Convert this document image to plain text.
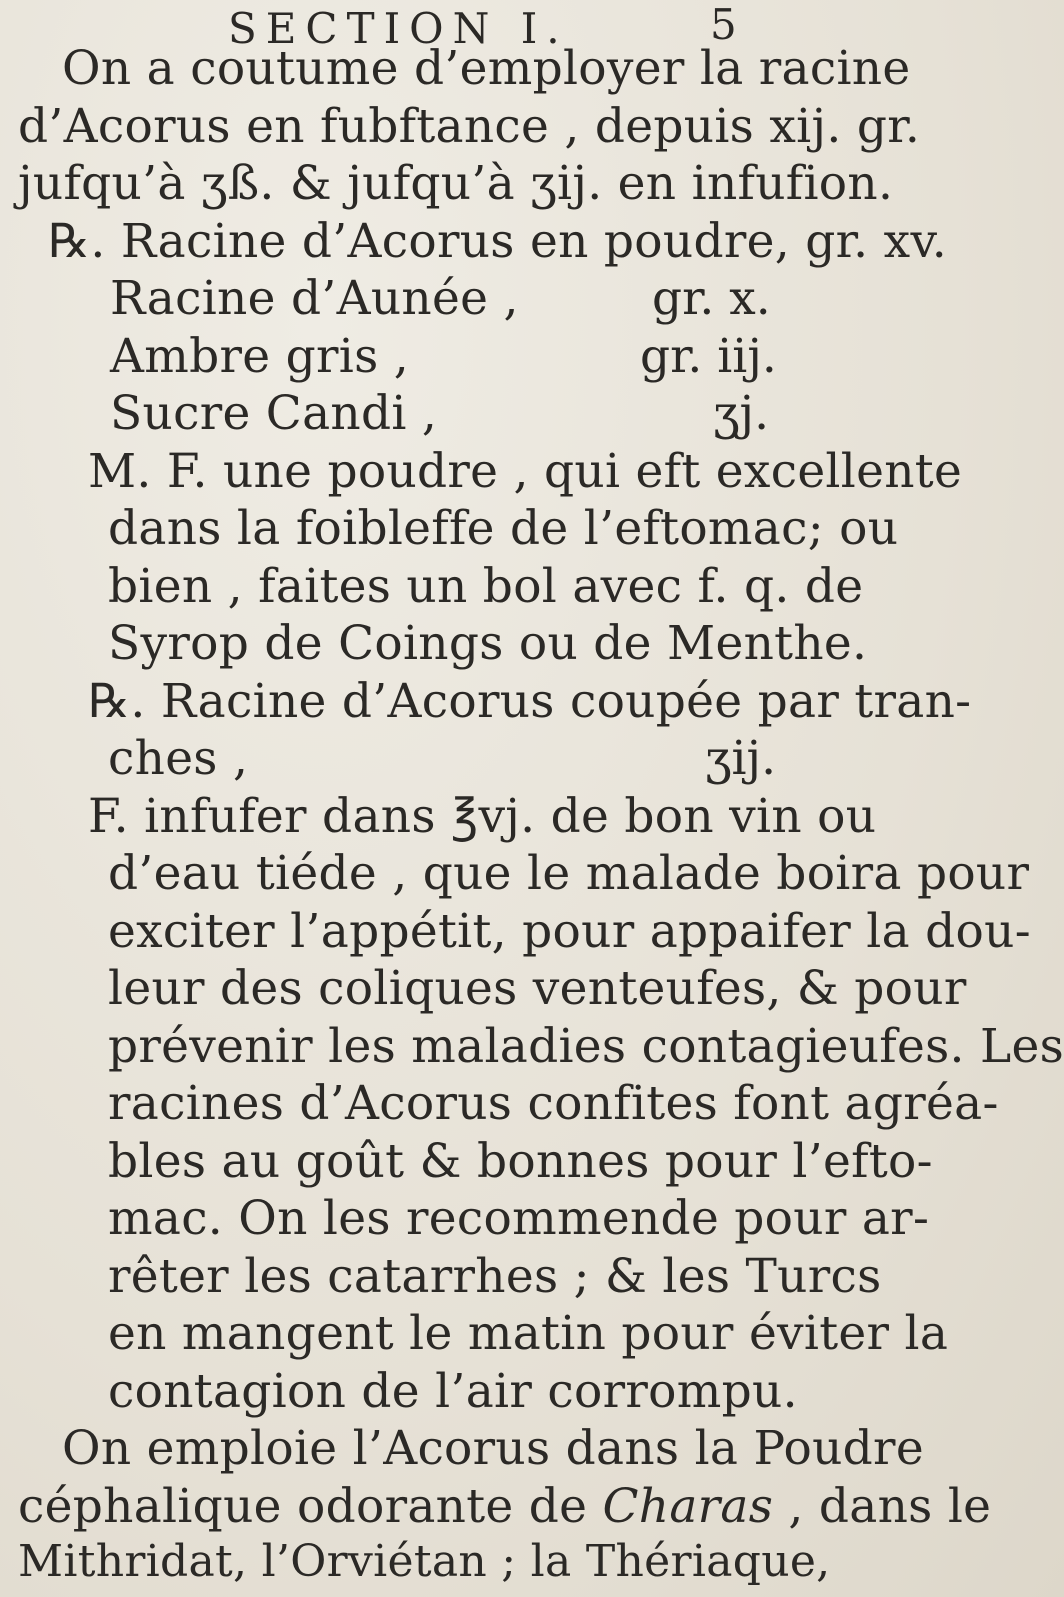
SECTION I.	5
On a coutume d’employer la racine
d’Acorus en fubftance , depuis xij. gr.
jufqu’à ʒß. & jufqu’à ʒij. en infufion.
℞. Racine d’Acorus en poudre, gr. xv.
Racine d’Aunée ,	gr. x.
Ambre gris ,	gr. iij.
Sucre Candi ,	ʒj.
M. F. une poudre , qui eft excellente
dans la foibleffe de l’eftomac; ou
bien , faites un bol avec f. q. de
Syrop de Coings ou de Menthe.
℞. Racine d’Acorus coupée par tran-
ches ,	ʒij.
F. infufer dans ℥vj. de bon vin ou
d’eau tiéde , que le malade boira pour
exciter l’appétit, pour appaifer la dou-
leur des coliques venteufes, & pour
prévenir les maladies contagieufes. Les
racines d’Acorus confites font agréa-
bles au goût & bonnes pour l’efto-
mac. On les recommende pour ar-
rêter les catarrhes ; & les Turcs
en mangent le matin pour éviter la
contagion de l’air corrompu.
On emploie l’Acorus dans la Poudre
céphalique odorante de Charas , dans le
Mithridat, l’Orviétan ; la Thériaque,
